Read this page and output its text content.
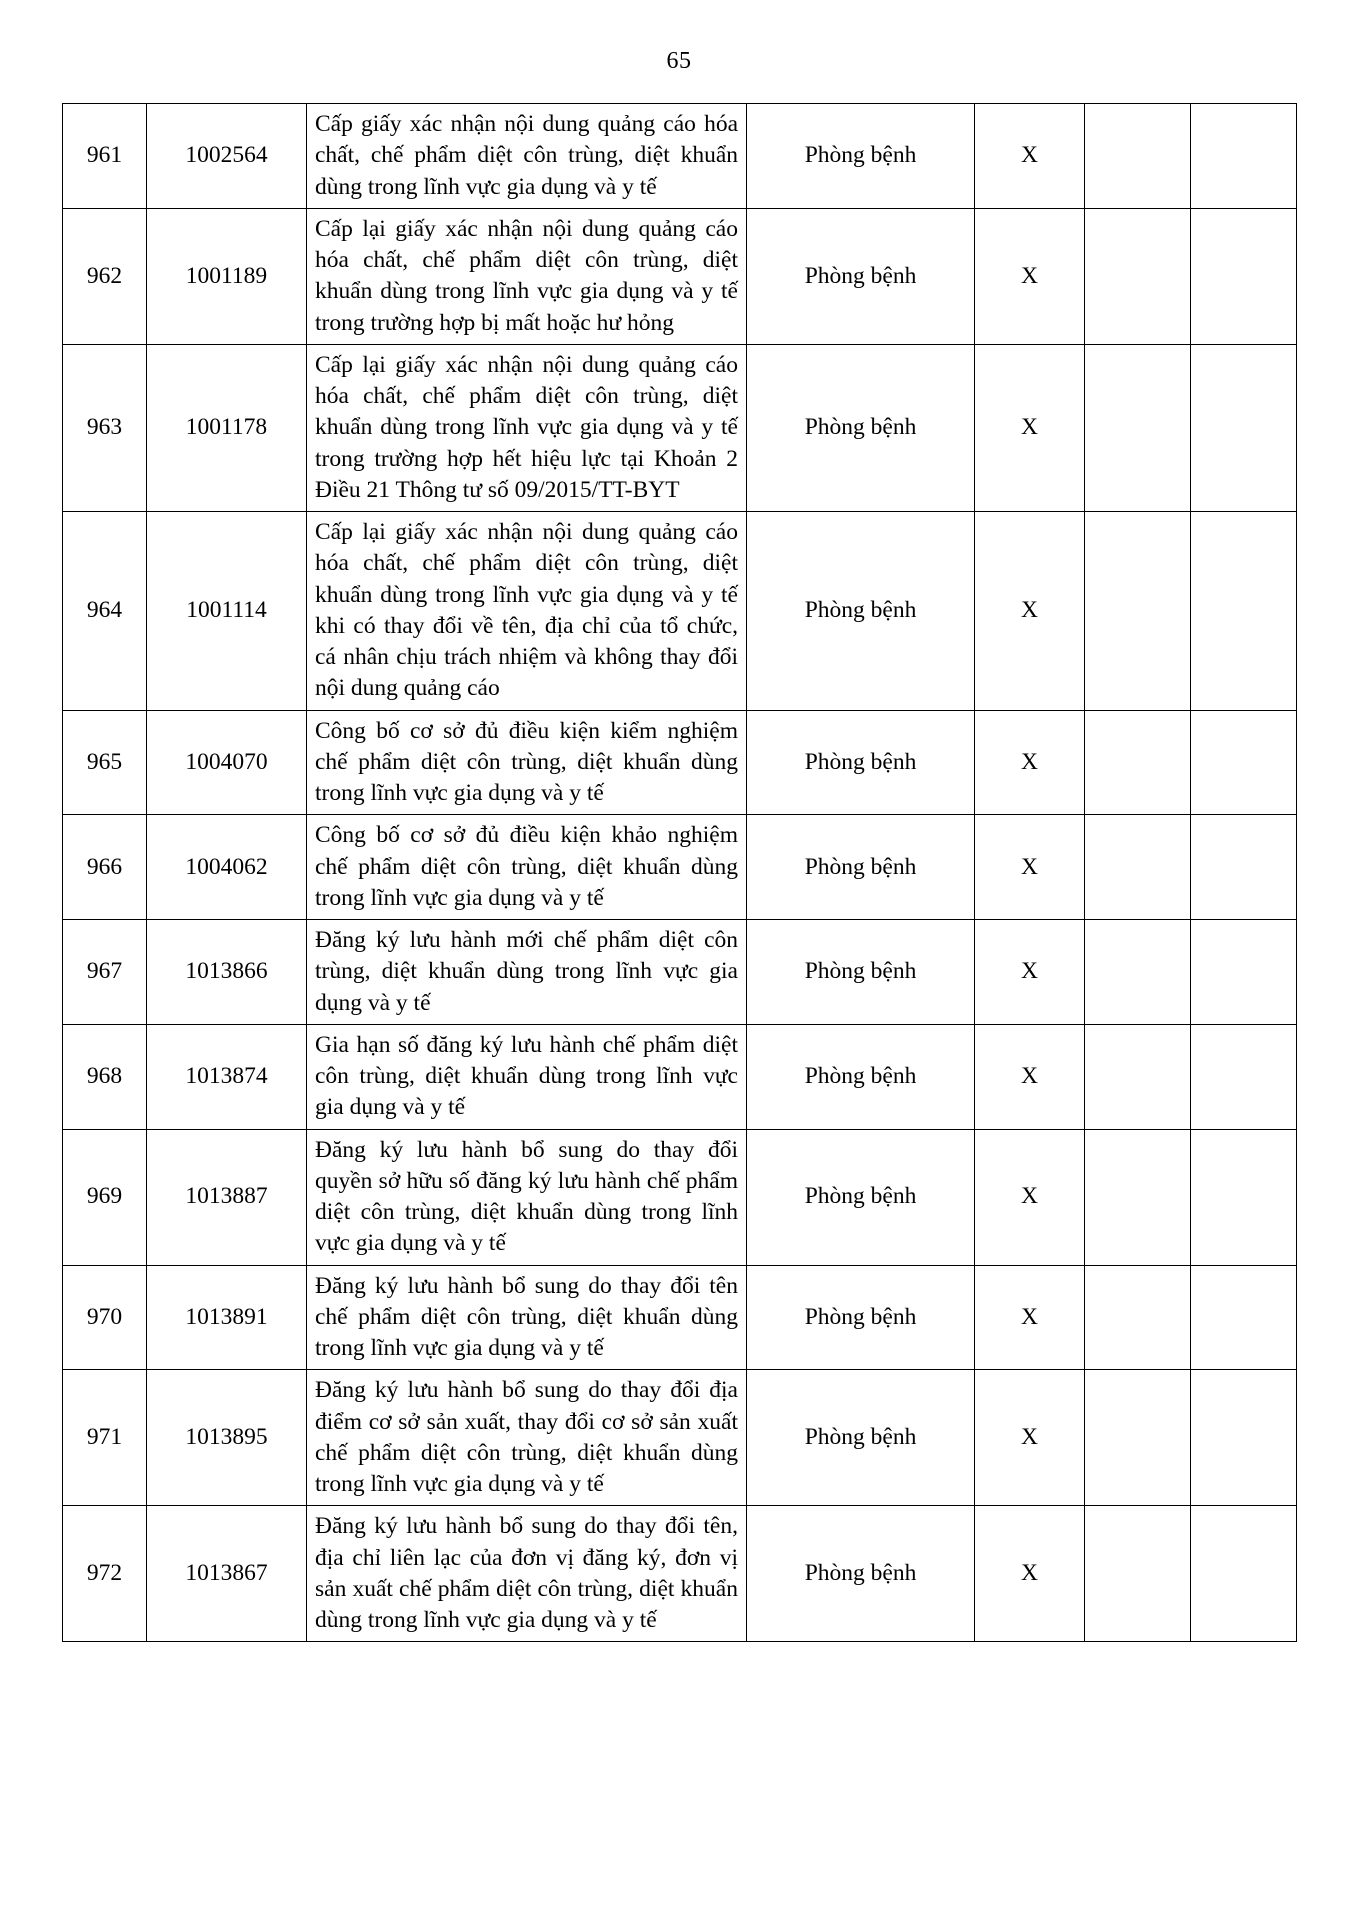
65
961	1002564	Cấp giấy xác nhận nội dung quảng cáo hóa chất, chế phẩm diệt côn trùng, diệt khuẩn dùng trong lĩnh vực gia dụng và y tế	Phòng bệnh	X		
962	1001189	Cấp lại giấy xác nhận nội dung quảng cáo hóa chất, chế phẩm diệt côn trùng, diệt khuẩn dùng trong lĩnh vực gia dụng và y tế trong trường hợp bị mất hoặc hư hỏng	Phòng bệnh	X		
963	1001178	Cấp lại giấy xác nhận nội dung quảng cáo hóa chất, chế phẩm diệt côn trùng, diệt khuẩn dùng trong lĩnh vực gia dụng và y tế trong trường hợp hết hiệu lực tại Khoản 2 Điều 21 Thông tư số 09/2015/TT-BYT	Phòng bệnh	X		
964	1001114	Cấp lại giấy xác nhận nội dung quảng cáo hóa chất, chế phẩm diệt côn trùng, diệt khuẩn dùng trong lĩnh vực gia dụng và y tế khi có thay đổi về tên, địa chỉ của tổ chức, cá nhân chịu trách nhiệm và không thay đổi nội dung quảng cáo	Phòng bệnh	X		
965	1004070	Công bố cơ sở đủ điều kiện kiểm nghiệm chế phẩm diệt côn trùng, diệt khuẩn dùng trong lĩnh vực gia dụng và y tế	Phòng bệnh	X		
966	1004062	Công bố cơ sở đủ điều kiện khảo nghiệm chế phẩm diệt côn trùng, diệt khuẩn dùng trong lĩnh vực gia dụng và y tế	Phòng bệnh	X		
967	1013866	Đăng ký lưu hành mới chế phẩm diệt côn trùng, diệt khuẩn dùng trong lĩnh vực gia dụng và y tế	Phòng bệnh	X		
968	1013874	Gia hạn số đăng ký lưu hành chế phẩm diệt côn trùng, diệt khuẩn dùng trong lĩnh vực gia dụng và y tế	Phòng bệnh	X		
969	1013887	Đăng ký lưu hành bổ sung do thay đổi quyền sở hữu số đăng ký lưu hành chế phẩm diệt côn trùng, diệt khuẩn dùng trong lĩnh vực gia dụng và y tế	Phòng bệnh	X		
970	1013891	Đăng ký lưu hành bổ sung do thay đổi tên chế phẩm diệt côn trùng, diệt khuẩn dùng trong lĩnh vực gia dụng và y tế	Phòng bệnh	X		
971	1013895	Đăng ký lưu hành bổ sung do thay đổi địa điểm cơ sở sản xuất, thay đổi cơ sở sản xuất chế phẩm diệt côn trùng, diệt khuẩn dùng trong lĩnh vực gia dụng và y tế	Phòng bệnh	X		
972	1013867	Đăng ký lưu hành bổ sung do thay đổi tên, địa chỉ liên lạc của đơn vị đăng ký, đơn vị sản xuất chế phẩm diệt côn trùng, diệt khuẩn dùng trong lĩnh vực gia dụng và y tế	Phòng bệnh	X		
